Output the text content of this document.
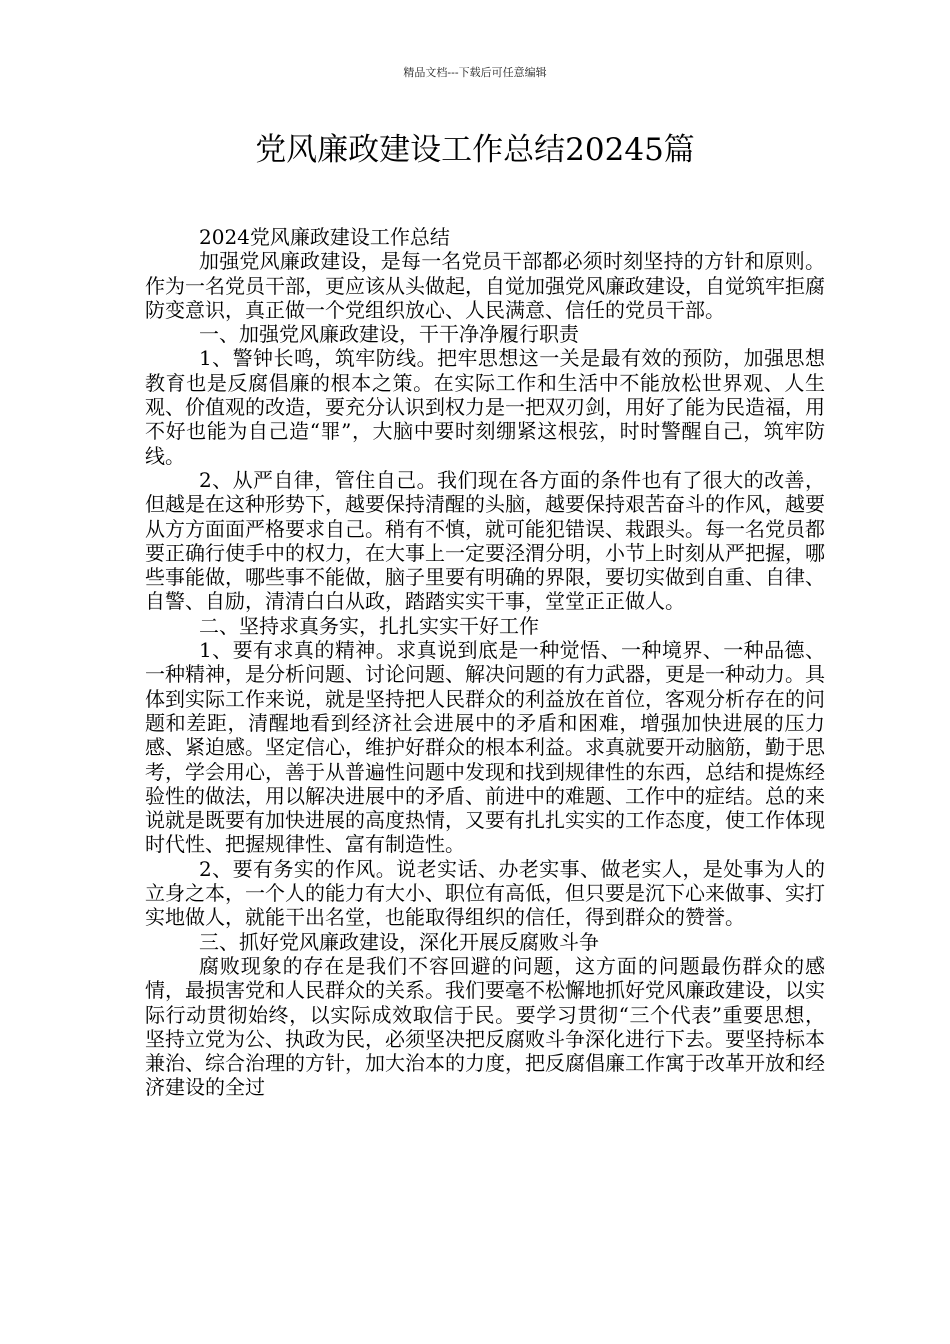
精品文档---下载后可任意编辑
党风廉政建设工作总结20245篇

2024党风廉政建设工作总结

加强党风廉政建设，是每一名党员干部都必须时刻坚持的方针和原则。作为一名党员干部，更应该从头做起，自觉加强党风廉政建设，自觉筑牢拒腐防变意识，真正做一个党组织放心、人民满意、信任的党员干部。

一、加强党风廉政建设，干干净净履行职责

1、警钟长鸣，筑牢防线。把牢思想这一关是最有效的预防，加强思想教育也是反腐倡廉的根本之策。在实际工作和生活中不能放松世界观、人生观、价值观的改造，要充分认识到权力是一把双刃剑，用好了能为民造福，用不好也能为自己造“罪”，大脑中要时刻绷紧这根弦，时时警醒自己，筑牢防线。

2、从严自律，管住自己。我们现在各方面的条件也有了很大的改善，但越是在这种形势下，越要保持清醒的头脑，越要保持艰苦奋斗的作风，越要从方方面面严格要求自己。稍有不慎，就可能犯错误、栽跟头。每一名党员都要正确行使手中的权力，在大事上一定要泾渭分明，小节上时刻从严把握，哪些事能做，哪些事不能做，脑子里要有明确的界限，要切实做到自重、自律、自警、自励，清清白白从政，踏踏实实干事，堂堂正正做人。

二、坚持求真务实，扎扎实实干好工作

1、要有求真的精神。求真说到底是一种觉悟、一种境界、一种品德、一种精神，是分析问题、讨论问题、解决问题的有力武器，更是一种动力。具体到实际工作来说，就是坚持把人民群众的利益放在首位，客观分析存在的问题和差距，清醒地看到经济社会进展中的矛盾和困难，增强加快进展的压力感、紧迫感。坚定信心，维护好群众的根本利益。求真就要开动脑筋，勤于思考，学会用心，善于从普遍性问题中发现和找到规律性的东西，总结和提炼经验性的做法，用以解决进展中的矛盾、前进中的难题、工作中的症结。总的来说就是既要有加快进展的高度热情，又要有扎扎实实的工作态度，使工作体现时代性、把握规律性、富有制造性。

2、要有务实的作风。说老实话、办老实事、做老实人，是处事为人的立身之本，一个人的能力有大小、职位有高低，但只要是沉下心来做事、实打实地做人，就能干出名堂，也能取得组织的信任，得到群众的赞誉。

三、抓好党风廉政建设，深化开展反腐败斗争

腐败现象的存在是我们不容回避的问题，这方面的问题最伤群众的感情，最损害党和人民群众的关系。我们要毫不松懈地抓好党风廉政建设，以实际行动贯彻始终，以实际成效取信于民。要学习贯彻“三个代表”重要思想，坚持立党为公、执政为民，必须坚决把反腐败斗争深化进行下去。要坚持标本兼治、综合治理的方针，加大治本的力度，把反腐倡廉工作寓于改革开放和经济建设的全过
